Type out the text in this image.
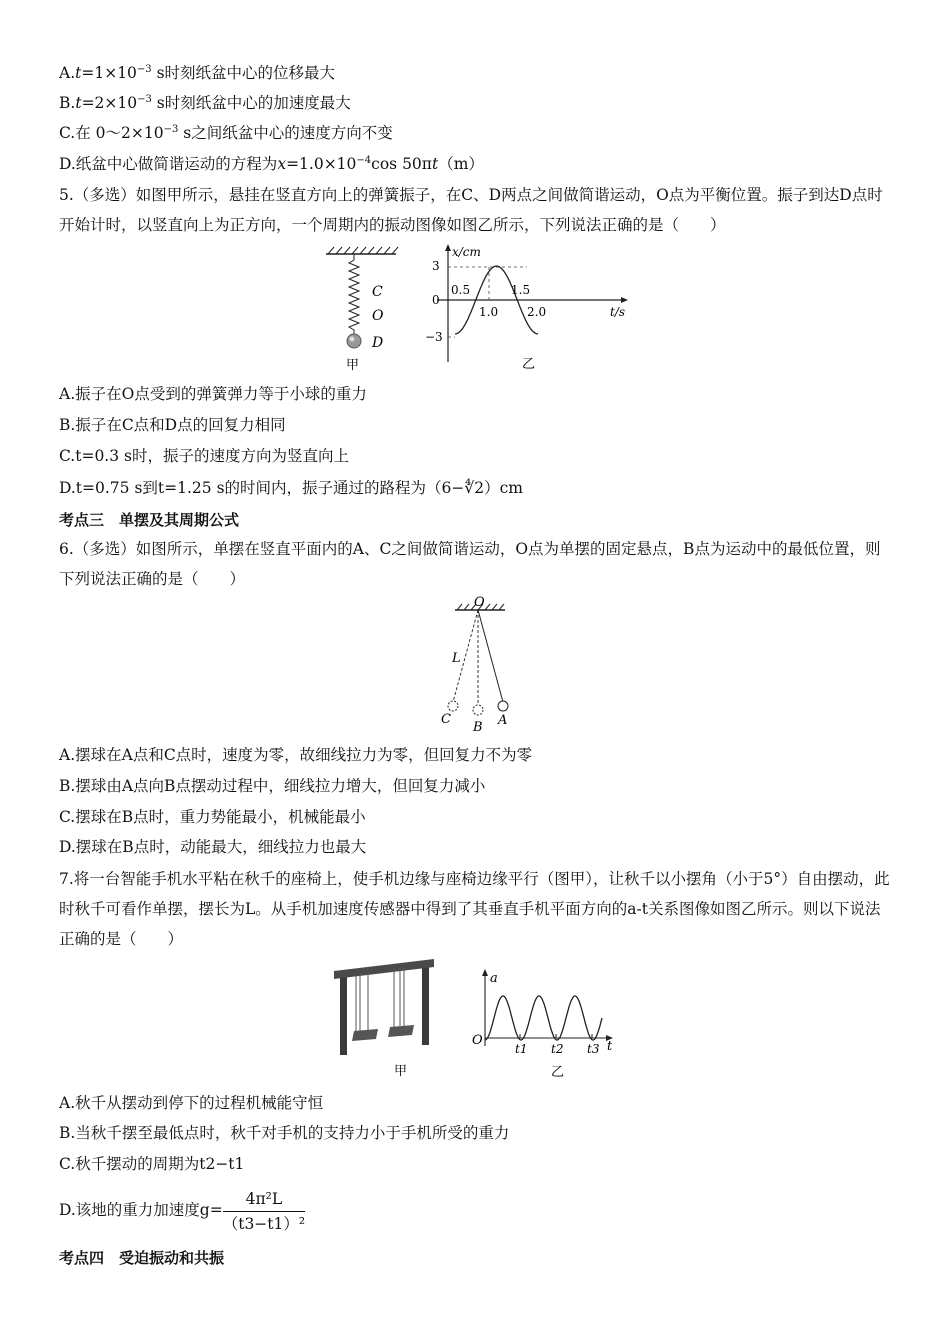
$A.t=1\times 10^{-3}$ s时刻纸盆中心的位移最大
$B.t=2\times 10^{-3}$ s时刻纸盆中心的加速度最大
C.在 $0\sim 2\times 10^{-3}$ s之间纸盆中心的速度方向不变
D.纸盆中心做简谐运动的方程为$x=1.0\times 10^{-4}\cos$ 50πt（m）
5.（多选）如图甲所示，悬挂在竖直方向上的弹簧振子，在C、D两点之间做简谐运动，O点为平衡位置。振子到达D点时开始计时，以竖直向上为正方向，一个周期内的振动图像如图乙所示，下列说法正确的是（　　）
C
O
D
甲
x/cm
t/s
3
0
−3
0.5
1.0
1.5
2.0
乙
A.振子在O点受到的弹簧弹力等于小球的重力
B.振子在C点和D点的回复力相同
C.t=0.3 s时，振子的速度方向为竖直向上
D.t=0.75 s到t=1.25 s的时间内，振子通过的路程为（6−∜2）cm
考点三　单摆及其周期公式
6.（多选）如图所示，单摆在竖直平面内的A、C之间做简谐运动，O点为单摆的固定悬点，B点为运动中的最低位置，则下列说法正确的是（　　）
O
L
C
B A
A.摆球在A点和C点时，速度为零，故细线拉力为零，但回复力不为零
B.摆球由A点向B点摆动过程中，细线拉力增大，但回复力减小
C.摆球在B点时，重力势能最小，机械能最小
D.摆球在B点时，动能最大，细线拉力也最大
7.将一台智能手机水平粘在秋千的座椅上，使手机边缘与座椅边缘平行（图甲），让秋千以小摆角（小于5°）自由摆动，此时秋千可看作单摆，摆长为L。从手机加速度传感器中得到了其垂直手机平面方向的a-t关系图像如图乙所示。则以下说法正确的是（　　）
甲
a
t
O
t1 t2 t3
乙
A.秋千从摆动到停下的过程机械能守恒
B.当秋千摆至最低点时，秋千对手机的支持力小于手机所受的重力
C.秋千摆动的周期为t2−t1
D.该地的重力加速度$g= \frac{\text{4π²L}}{\text{（t3−t1）²}}$
考点四　受迫振动和共振
